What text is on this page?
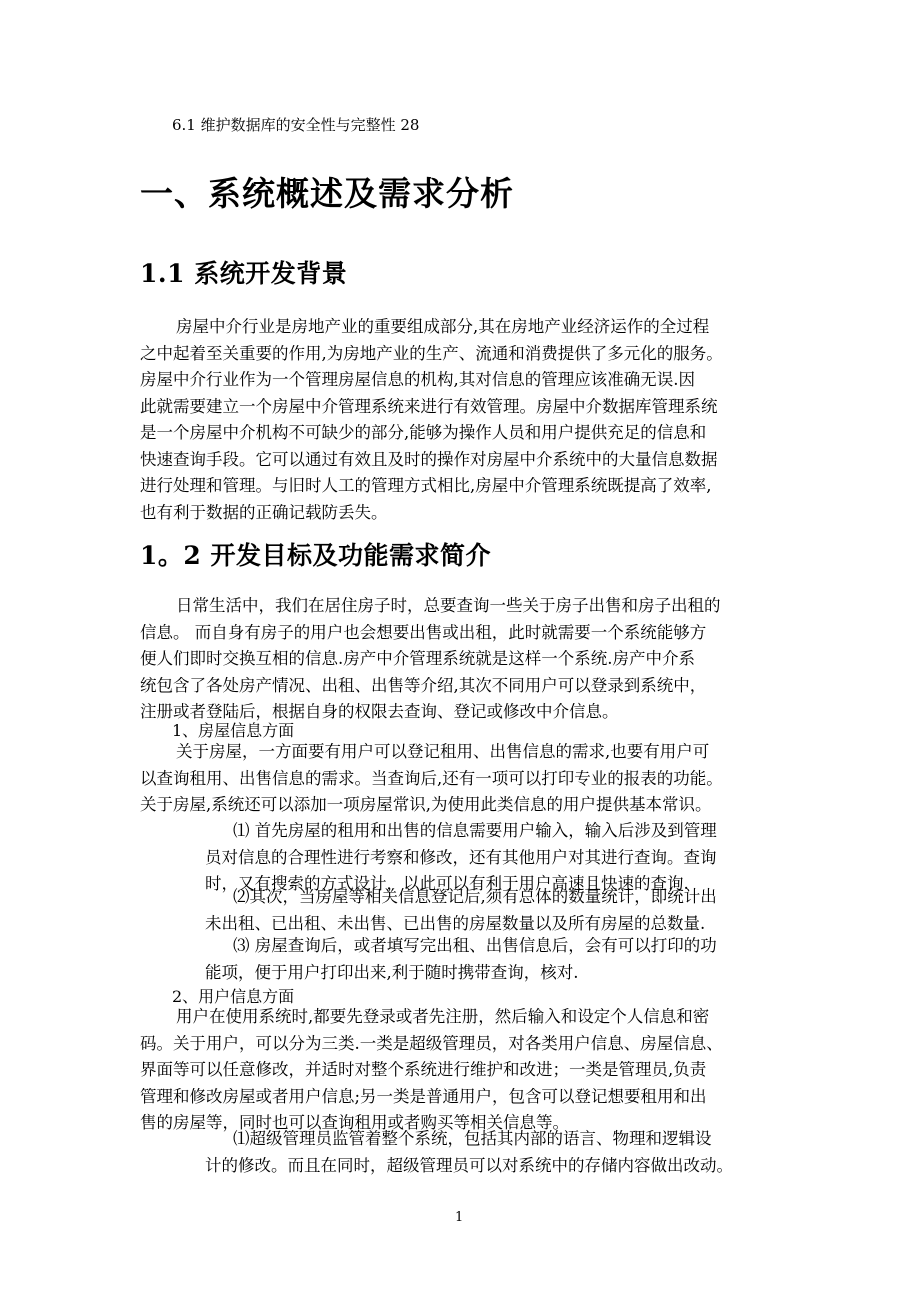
6.1 维护数据库的安全性与完整性 28
一、系统概述及需求分析
1.1 系统开发背景
房屋中介行业是房地产业的重要组成部分,其在房地产业经济运作的全过程
之中起着至关重要的作用,为房地产业的生产、流通和消费提供了多元化的服务。
房屋中介行业作为一个管理房屋信息的机构,其对信息的管理应该准确无误.因
此就需要建立一个房屋中介管理系统来进行有效管理。房屋中介数据库管理系统
是一个房屋中介机构不可缺少的部分,能够为操作人员和用户提供充足的信息和
快速查询手段。它可以通过有效且及时的操作对房屋中介系统中的大量信息数据
进行处理和管理。与旧时人工的管理方式相比,房屋中介管理系统既提高了效率,
也有利于数据的正确记载防丢失。
1。2 开发目标及功能需求简介
日常生活中，我们在居住房子时，总要查询一些关于房子出售和房子出租的
信息。 而自身有房子的用户也会想要出售或出租，此时就需要一个系统能够方
便人们即时交换互相的信息.房产中介管理系统就是这样一个系统.房产中介系
统包含了各处房产情况、出租、出售等介绍,其次不同用户可以登录到系统中，
注册或者登陆后，根据自身的权限去查询、登记或修改中介信息。
1、房屋信息方面
关于房屋，一方面要有用户可以登记租用、出售信息的需求,也要有用户可
以查询租用、出售信息的需求。当查询后,还有一项可以打印专业的报表的功能。
关于房屋,系统还可以添加一项房屋常识,为使用此类信息的用户提供基本常识。
⑴ 首先房屋的租用和出售的信息需要用户输入，输入后涉及到管理
员对信息的合理性进行考察和修改，还有其他用户对其进行查询。查询
时，又有搜索的方式设计，以此可以有利于用户高速且快速的查询.
⑵其次，当房屋等相关信息登记后,须有总体的数量统计，即统计出
未出租、已出租、未出售、已出售的房屋数量以及所有房屋的总数量.
⑶ 房屋查询后，或者填写完出租、出售信息后，会有可以打印的功
能项，便于用户打印出来,利于随时携带查询，核对.
2、用户信息方面
用户在使用系统时,都要先登录或者先注册，然后输入和设定个人信息和密
码。关于用户，可以分为三类.一类是超级管理员，对各类用户信息、房屋信息、
界面等可以任意修改，并适时对整个系统进行维护和改进；一类是管理员,负责
管理和修改房屋或者用户信息;另一类是普通用户，包含可以登记想要租用和出
售的房屋等，同时也可以查询租用或者购买等相关信息等。
⑴超级管理员监管着整个系统，包括其内部的语言、物理和逻辑设
计的修改。而且在同时，超级管理员可以对系统中的存储内容做出改动。
1
